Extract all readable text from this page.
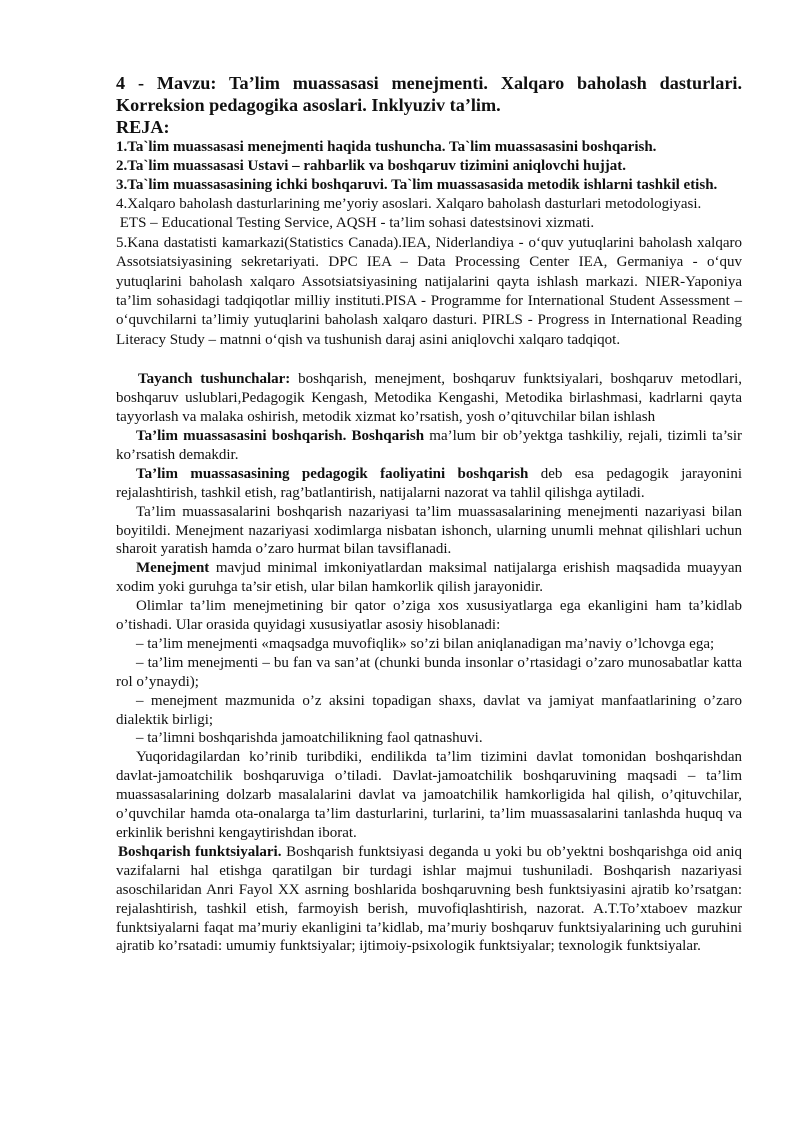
4 - Mavzu: Ta’lim muassasasi menejmenti. Xalqaro baholash dasturlari. Korreksion pedagogika asoslari. Inklyuziv ta’lim.

REJA:

1.Ta`lim muassasasi menejmenti haqida tushuncha. Ta`lim muassasasini boshqarish.

2.Ta`lim muassasasi Ustavi – rahbarlik va boshqaruv tizimini aniqlovchi hujjat.

3.Ta`lim muassasasining ichki boshqaruvi. Ta`lim muassasasida metodik ishlarni tashkil etish.

4.Xalqaro baholash dasturlarining me’yoriy asoslari. Xalqaro baholash dasturlari metodologiyasi.

ETS – Educational Testing Service, AQSH - ta’lim sohasi datestsinovi xizmati.

5.Kana dastatisti kamarkazi(Statistics Canada).IEA, Niderlandiya - o‘quv yutuqlarini baholash xalqaro Assotsiatsiyasining sekretariyati. DPC IEA – Data Processing Center IEA, Germaniya - o‘quv yutuqlarini baholash xalqaro Assotsiatsiyasining natijalarini qayta ishlash markazi. NIER-Yaponiya ta’lim sohasidagi tadqiqotlar milliy instituti.PISA - Programme for International Student Assessment – o‘quvchilarni ta’limiy yutuqlarini baholash xalqaro dasturi. PIRLS - Progress in International Reading Literacy Study – matnni o‘qish va tushunish daraj asini aniqlovchi xalqaro tadqiqot.

Tayanch tushunchalar: boshqarish, menejment, boshqaruv funktsiyalari, boshqaruv metodlari, boshqaruv uslublari,Pedagogik Kengash, Metodika Kengashi, Metodika birlashmasi, kadrlarni qayta tayyorlash va malaka oshirish, metodik xizmat ko’rsatish, yosh o’qituvchilar bilan ishlash

Ta’lim muassasasini boshqarish. Boshqarish ma’lum bir ob’yektga tashkiliy, rejali, tizimli ta’sir ko’rsatish demakdir.

Ta’lim muassasasining pedagogik faoliyatini boshqarish deb esa pedagogik jarayonini rejalashtirish, tashkil etish, rag’batlantirish, natijalarni nazorat va tahlil qilishga aytiladi.

Ta’lim muassasalarini boshqarish nazariyasi ta’lim muassasalarining menejmenti nazariyasi bilan boyitildi. Menejment nazariyasi xodimlarga nisbatan ishonch, ularning unumli mehnat qilishlari uchun sharoit yaratish hamda o’zaro hurmat bilan tavsiflanadi.

Menejment mavjud minimal imkoniyatlardan maksimal natijalarga erishish maqsadida muayyan xodim yoki guruhga ta’sir etish, ular bilan hamkorlik qilish jarayonidir.

Olimlar ta’lim menejmetining bir qator o’ziga xos xususiyatlarga ega ekanligini ham ta’kidlab o’tishadi. Ular orasida quyidagi xususiyatlar asosiy hisoblanadi:

– ta’lim menejmenti «maqsadga muvofiqlik» so’zi bilan aniqlanadigan ma’naviy o’lchovga ega;

– ta’lim menejmenti – bu fan va san’at (chunki bunda insonlar o’rtasidagi o’zaro munosabatlar katta rol o’ynaydi);

– menejment mazmunida o’z aksini topadigan shaxs, davlat va jamiyat manfaatlarining o’zaro dialektik birligi;

– ta’limni boshqarishda jamoatchilikning faol qatnashuvi.

Yuqoridagilardan ko’rinib turibdiki, endilikda ta’lim tizimini davlat tomonidan boshqarishdan davlat-jamoatchilik boshqaruviga o’tiladi. Davlat-jamoatchilik boshqaruvining maqsadi – ta’lim muassasalarining dolzarb masalalarini davlat va jamoatchilik hamkorligida hal qilish, o’qituvchilar, o’quvchilar hamda ota-onalarga ta’lim dasturlarini, turlarini, ta’lim muassasalarini tanlashda huquq va erkinlik berishni kengaytirishdan iborat.

Boshqarish funktsiyalari. Boshqarish funktsiyasi deganda u yoki bu ob’yektni boshqarishga oid aniq vazifalarni hal etishga qaratilgan bir turdagi ishlar majmui tushuniladi. Boshqarish nazariyasi asoschilaridan Anri Fayol XX asrning boshlarida boshqaruvning besh funktsiyasini ajratib ko’rsatgan: rejalashtirish, tashkil etish, farmoyish berish, muvofiqlashtirish, nazorat. A.T.To’xtaboev mazkur funktsiyalarni faqat ma’muriy ekanligini ta’kidlab, ma’muriy boshqaruv funktsiyalarining uch guruhini ajratib ko’rsatadi: umumiy funktsiyalar; ijtimoiy-psixologik funktsiyalar; texnologik funktsiyalar.
